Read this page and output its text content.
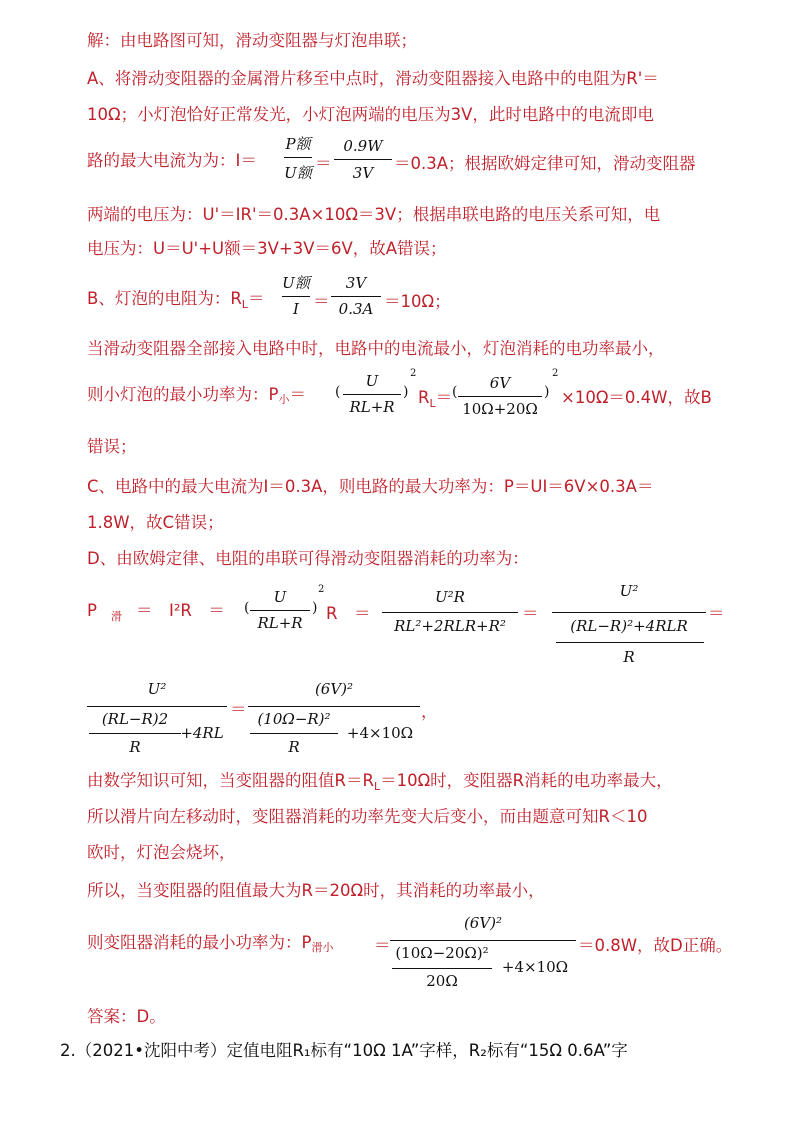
解：由电路图可知，滑动变阻器与灯泡串联；
A、将滑动变阻器的金属滑片移至中点时，滑动变阻器接入电路中的电阻为R'＝
10Ω；小灯泡恰好正常发光，小灯泡两端的电压为3V，此时电路中的电流即电
路的最大电流为为：I＝
P额
U额 ＝
0.9W
3V	＝0.3A；根据欧姆定律可知，滑动变阻器
两端的电压为：U'＝IR'＝0.3A×10Ω＝3V；根据串联电路的电压关系可知，电
电压为：U＝U'+U额＝3V+3V＝6V，故A错误；
B、灯泡的电阻为：$R_L=$
U额
I ＝
3V
0.3A ＝10Ω；
当滑动变阻器全部接入电路中时，电路中的电流最小，灯泡消耗的电功率最小，
则小灯泡的最小功率为：P小＝ (
U
RL+R
)
2
$R_L=$ (	6V
10Ω+20Ω
)
2
×10Ω＝0.4W，故B
错误；
C、电路中的最大电流为I＝0.3A，则电路的最大功率为：P＝UI＝6V×0.3A＝
1.8W，故C错误；
D、由欧姆定律、电阻的串联可得滑动变阻器消耗的功率为：
P $_滑$ ＝　I²R　＝ (
U
RL+R
)
2
R　＝
U²R
RL²+2RLR+R²
＝
U²
(RL−R)²+4RLR
R
＝
U²
(RL−R)2
R
+4RL
＝
(6V)²
(10Ω−R)²
R
+4×10Ω
，
由数学知识可知，当变阻器的阻值$R=R_L=10\Omega$时，变阻器R消耗的电功率最大，
所以滑片向左移动时，变阻器消耗的功率先变大后变小，而由题意可知R＜10
欧时，灯泡会烧坏，
所以，当变阻器的阻值最大为R＝20Ω时，其消耗的功率最小，
则变阻器消耗的最小功率为：P滑小 ＝
(6V)²
(10Ω−20Ω)²
20Ω
+4×10Ω
＝0.8W，故D正确。
答案：D。
2.（2021•沈阳中考）定值电阻R₁标有“10Ω 1A”字样，R₂标有“15Ω 0.6A”字
